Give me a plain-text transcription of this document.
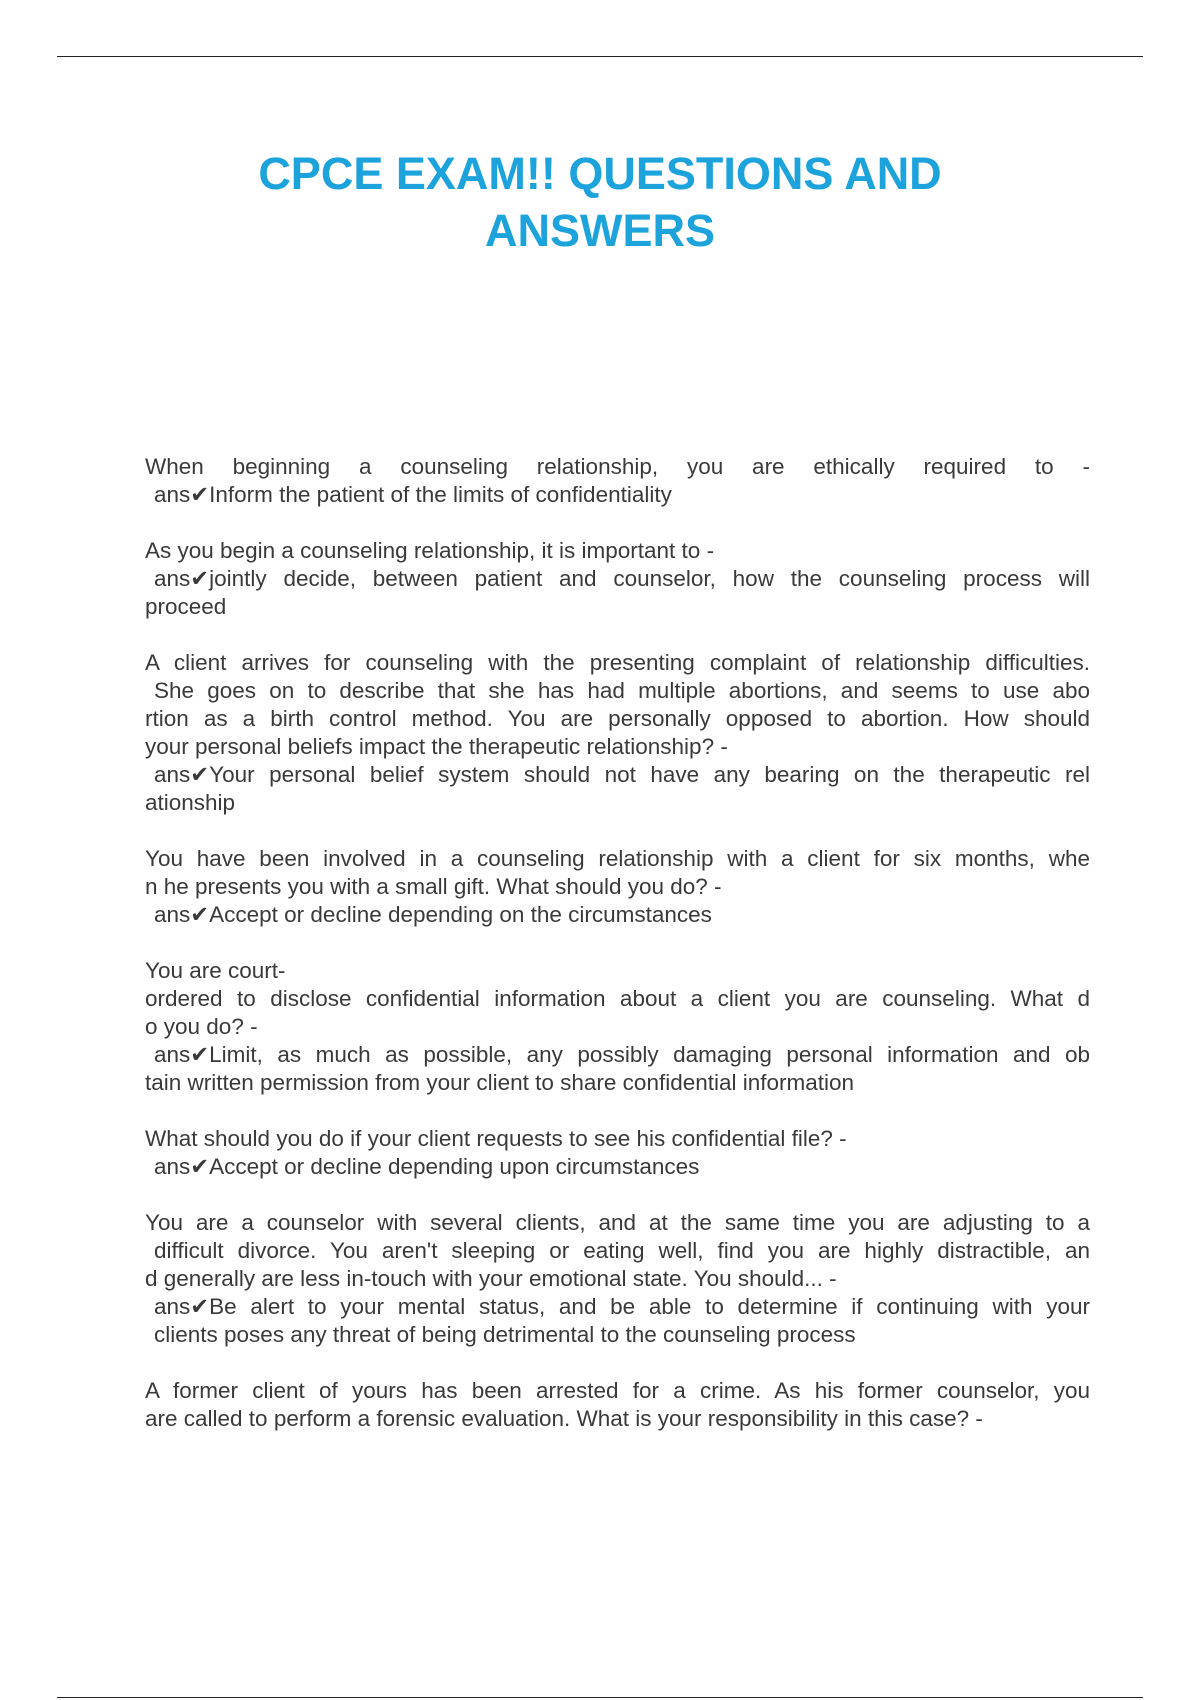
CPCE EXAM!! QUESTIONS AND
ANSWERS
When beginning a counseling relationship, you are ethically required to -
ans✔Inform the patient of the limits of confidentiality
As you begin a counseling relationship, it is important to -
ans✔jointly decide, between patient and counselor, how the counseling process will
proceed
A client arrives for counseling with the presenting complaint of relationship difficulties.
She goes on to describe that she has had multiple abortions, and seems to use abo
rtion as a birth control method. You are personally opposed to abortion. How should
your personal beliefs impact the therapeutic relationship? -
ans✔Your personal belief system should not have any bearing on the therapeutic rel
ationship
You have been involved in a counseling relationship with a client for six months, whe
n he presents you with a small gift. What should you do? -
ans✔Accept or decline depending on the circumstances
You are court-
ordered to disclose confidential information about a client you are counseling. What d
o you do? -
ans✔Limit, as much as possible, any possibly damaging personal information and ob
tain written permission from your client to share confidential information
What should you do if your client requests to see his confidential file? -
ans✔Accept or decline depending upon circumstances
You are a counselor with several clients, and at the same time you are adjusting to a
difficult divorce. You aren't sleeping or eating well, find you are highly distractible, an
d generally are less in-touch with your emotional state. You should... -
ans✔Be alert to your mental status, and be able to determine if continuing with your
clients poses any threat of being detrimental to the counseling process
A former client of yours has been arrested for a crime. As his former counselor, you
are called to perform a forensic evaluation. What is your responsibility in this case? -
